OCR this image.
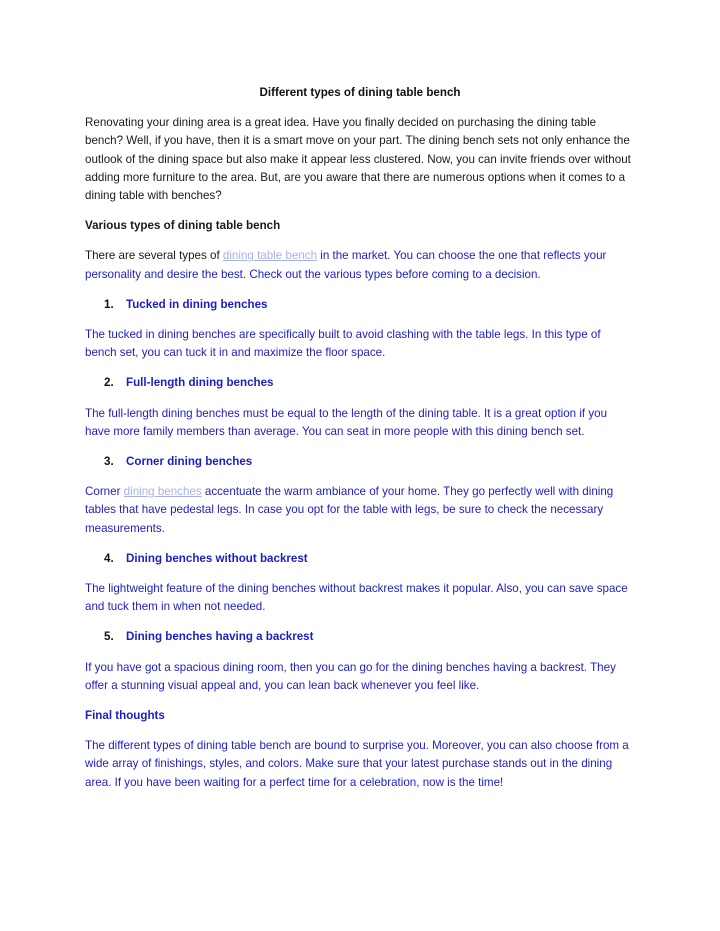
Different types of dining table bench

Renovating your dining area is a great idea. Have you finally decided on purchasing the dining table bench? Well, if you have, then it is a smart move on your part. The dining bench sets not only enhance the outlook of the dining space but also make it appear less clustered. Now, you can invite friends over without adding more furniture to the area. But, are you aware that there are numerous options when it comes to a dining table with benches?

Various types of dining table bench

There are several types of dining table bench in the market. You can choose the one that reflects your personality and desire the best. Check out the various types before coming to a decision.

1.	Tucked in dining benches

The tucked in dining benches are specifically built to avoid clashing with the table legs. In this type of bench set, you can tuck it in and maximize the floor space.

2.	Full-length dining benches

The full-length dining benches must be equal to the length of the dining table. It is a great option if you have more family members than average. You can seat in more people with this dining bench set.

3.	Corner dining benches

Corner dining benches accentuate the warm ambiance of your home. They go perfectly well with dining tables that have pedestal legs. In case you opt for the table with legs, be sure to check the necessary measurements.

4.	Dining benches without backrest

The lightweight feature of the dining benches without backrest makes it popular. Also, you can save space and tuck them in when not needed.

5.	Dining benches having a backrest

If you have got a spacious dining room, then you can go for the dining benches having a backrest. They offer a stunning visual appeal and, you can lean back whenever you feel like.

Final thoughts

The different types of dining table bench are bound to surprise you. Moreover, you can also choose from a wide array of finishings, styles, and colors. Make sure that your latest purchase stands out in the dining area. If you have been waiting for a perfect time for a celebration, now is the time!
